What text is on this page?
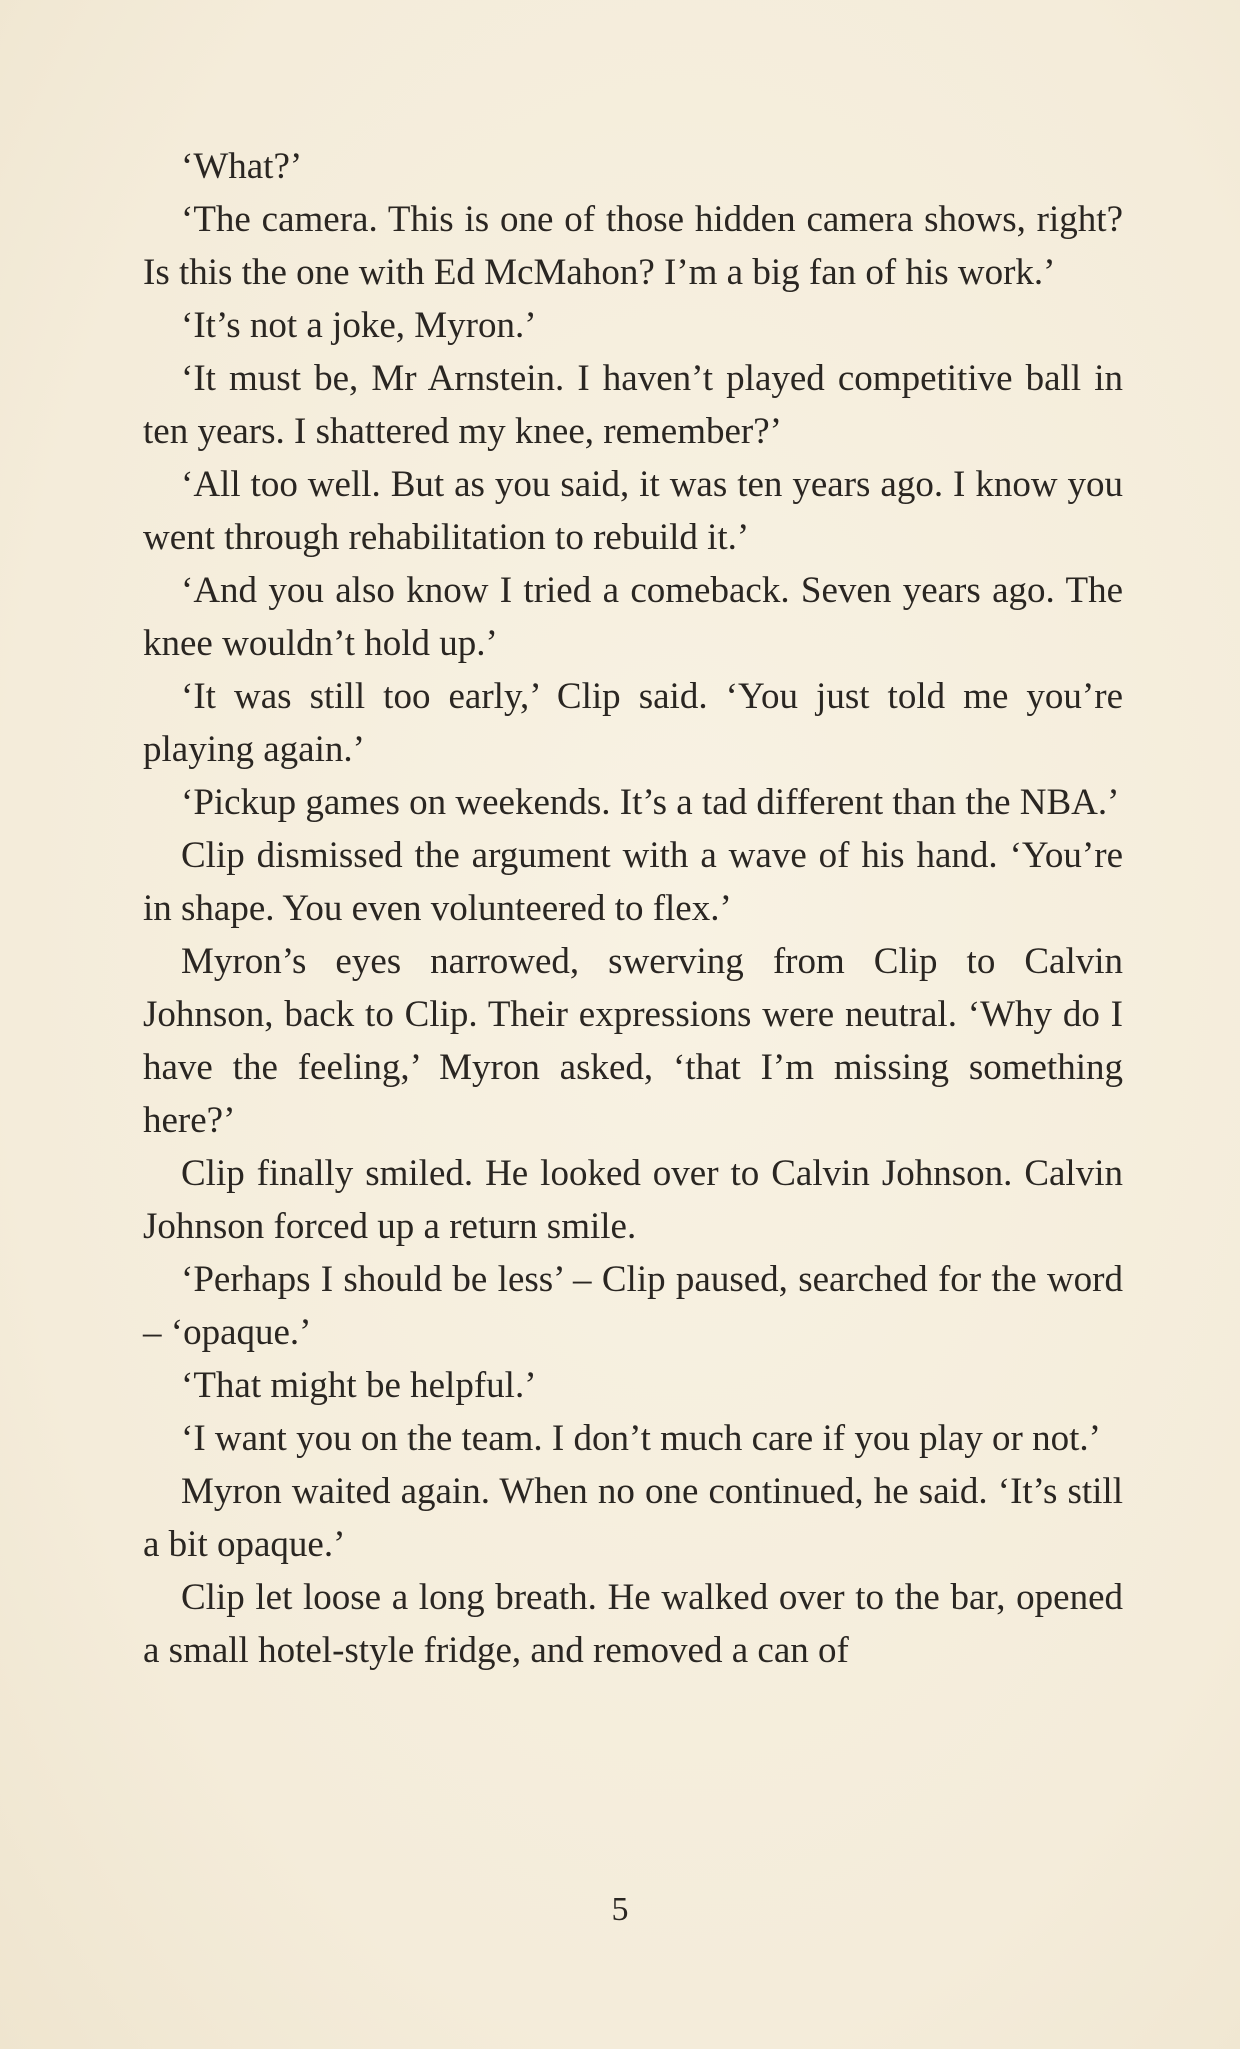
‘What?’

‘The camera. This is one of those hidden camera shows, right? Is this the one with Ed McMahon? I’m a big fan of his work.’

‘It’s not a joke, Myron.’

‘It must be, Mr Arnstein. I haven’t played competitive ball in ten years. I shattered my knee, remember?’

‘All too well. But as you said, it was ten years ago. I know you went through rehabilitation to rebuild it.’

‘And you also know I tried a comeback. Seven years ago. The knee wouldn’t hold up.’

‘It was still too early,’ Clip said. ‘You just told me you’re playing again.’

‘Pickup games on weekends. It’s a tad different than the NBA.’

Clip dismissed the argument with a wave of his hand. ‘You’re in shape. You even volunteered to flex.’

Myron’s eyes narrowed, swerving from Clip to Calvin Johnson, back to Clip. Their expressions were neutral. ‘Why do I have the feeling,’ Myron asked, ‘that I’m missing something here?’

Clip finally smiled. He looked over to Calvin Johnson. Calvin Johnson forced up a return smile.

‘Perhaps I should be less’ – Clip paused, searched for the word – ‘opaque.’

‘That might be helpful.’

‘I want you on the team. I don’t much care if you play or not.’

Myron waited again. When no one continued, he said. ‘It’s still a bit opaque.’

Clip let loose a long breath. He walked over to the bar, opened a small hotel-style fridge, and removed a can of

5
